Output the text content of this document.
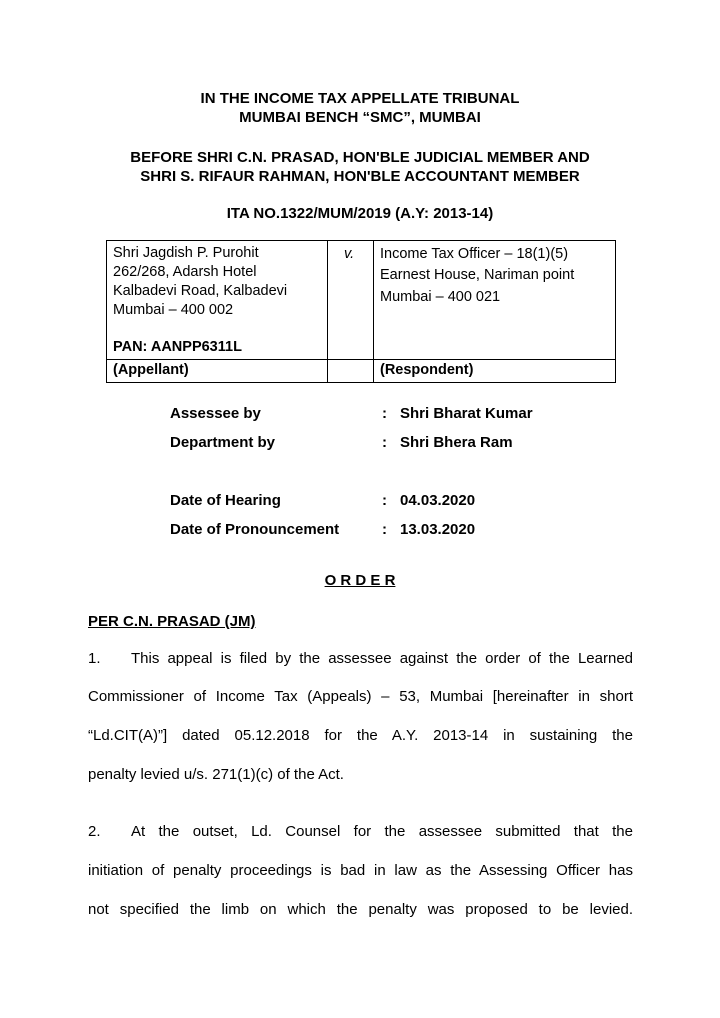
IN THE INCOME TAX APPELLATE TRIBUNAL
MUMBAI BENCH “SMC”, MUMBAI
BEFORE SHRI C.N. PRASAD, HON'BLE JUDICIAL MEMBER AND
SHRI S. RIFAUR RAHMAN, HON'BLE ACCOUNTANT MEMBER
ITA NO.1322/MUM/2019 (A.Y: 2013-14)
Shri Jagdish P. Purohit
262/268, Adarsh Hotel
Kalbadevi Road, Kalbadevi
Mumbai – 400 002
PAN: AANPP6311L
v. Income Tax Officer – 18(1)(5)
Earnest House, Nariman point
Mumbai – 400 021
(Appellant)	(Respondent)
Assessee by	: Shri Bharat Kumar
Department by	: Shri Bhera Ram
Date of Hearing	: 04.03.2020
Date of Pronouncement	: 13.03.2020
O R D E R
PER C.N. PRASAD (JM)
1. This appeal is filed by the assessee against the order of the Learned
Commissioner of Income Tax (Appeals) – 53, Mumbai [hereinafter in short
“Ld.CIT(A)”] dated 05.12.2018 for the A.Y. 2013-14 in sustaining the
penalty levied u/s. 271(1)(c) of the Act.
2. At the outset, Ld. Counsel for the assessee submitted that the
initiation of penalty proceedings is bad in law as the Assessing Officer has
not specified the limb on which the penalty was proposed to be levied.
